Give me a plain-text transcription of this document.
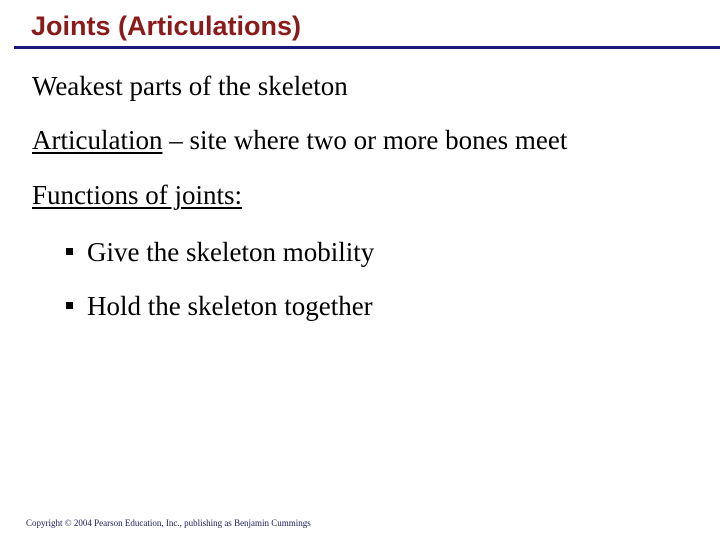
Joints (Articulations)
Weakest parts of the skeleton
Articulation – site where two or more bones meet
Functions of joints:
Give the skeleton mobility
Hold the skeleton together
Copyright © 2004 Pearson Education, Inc., publishing as Benjamin Cummings
